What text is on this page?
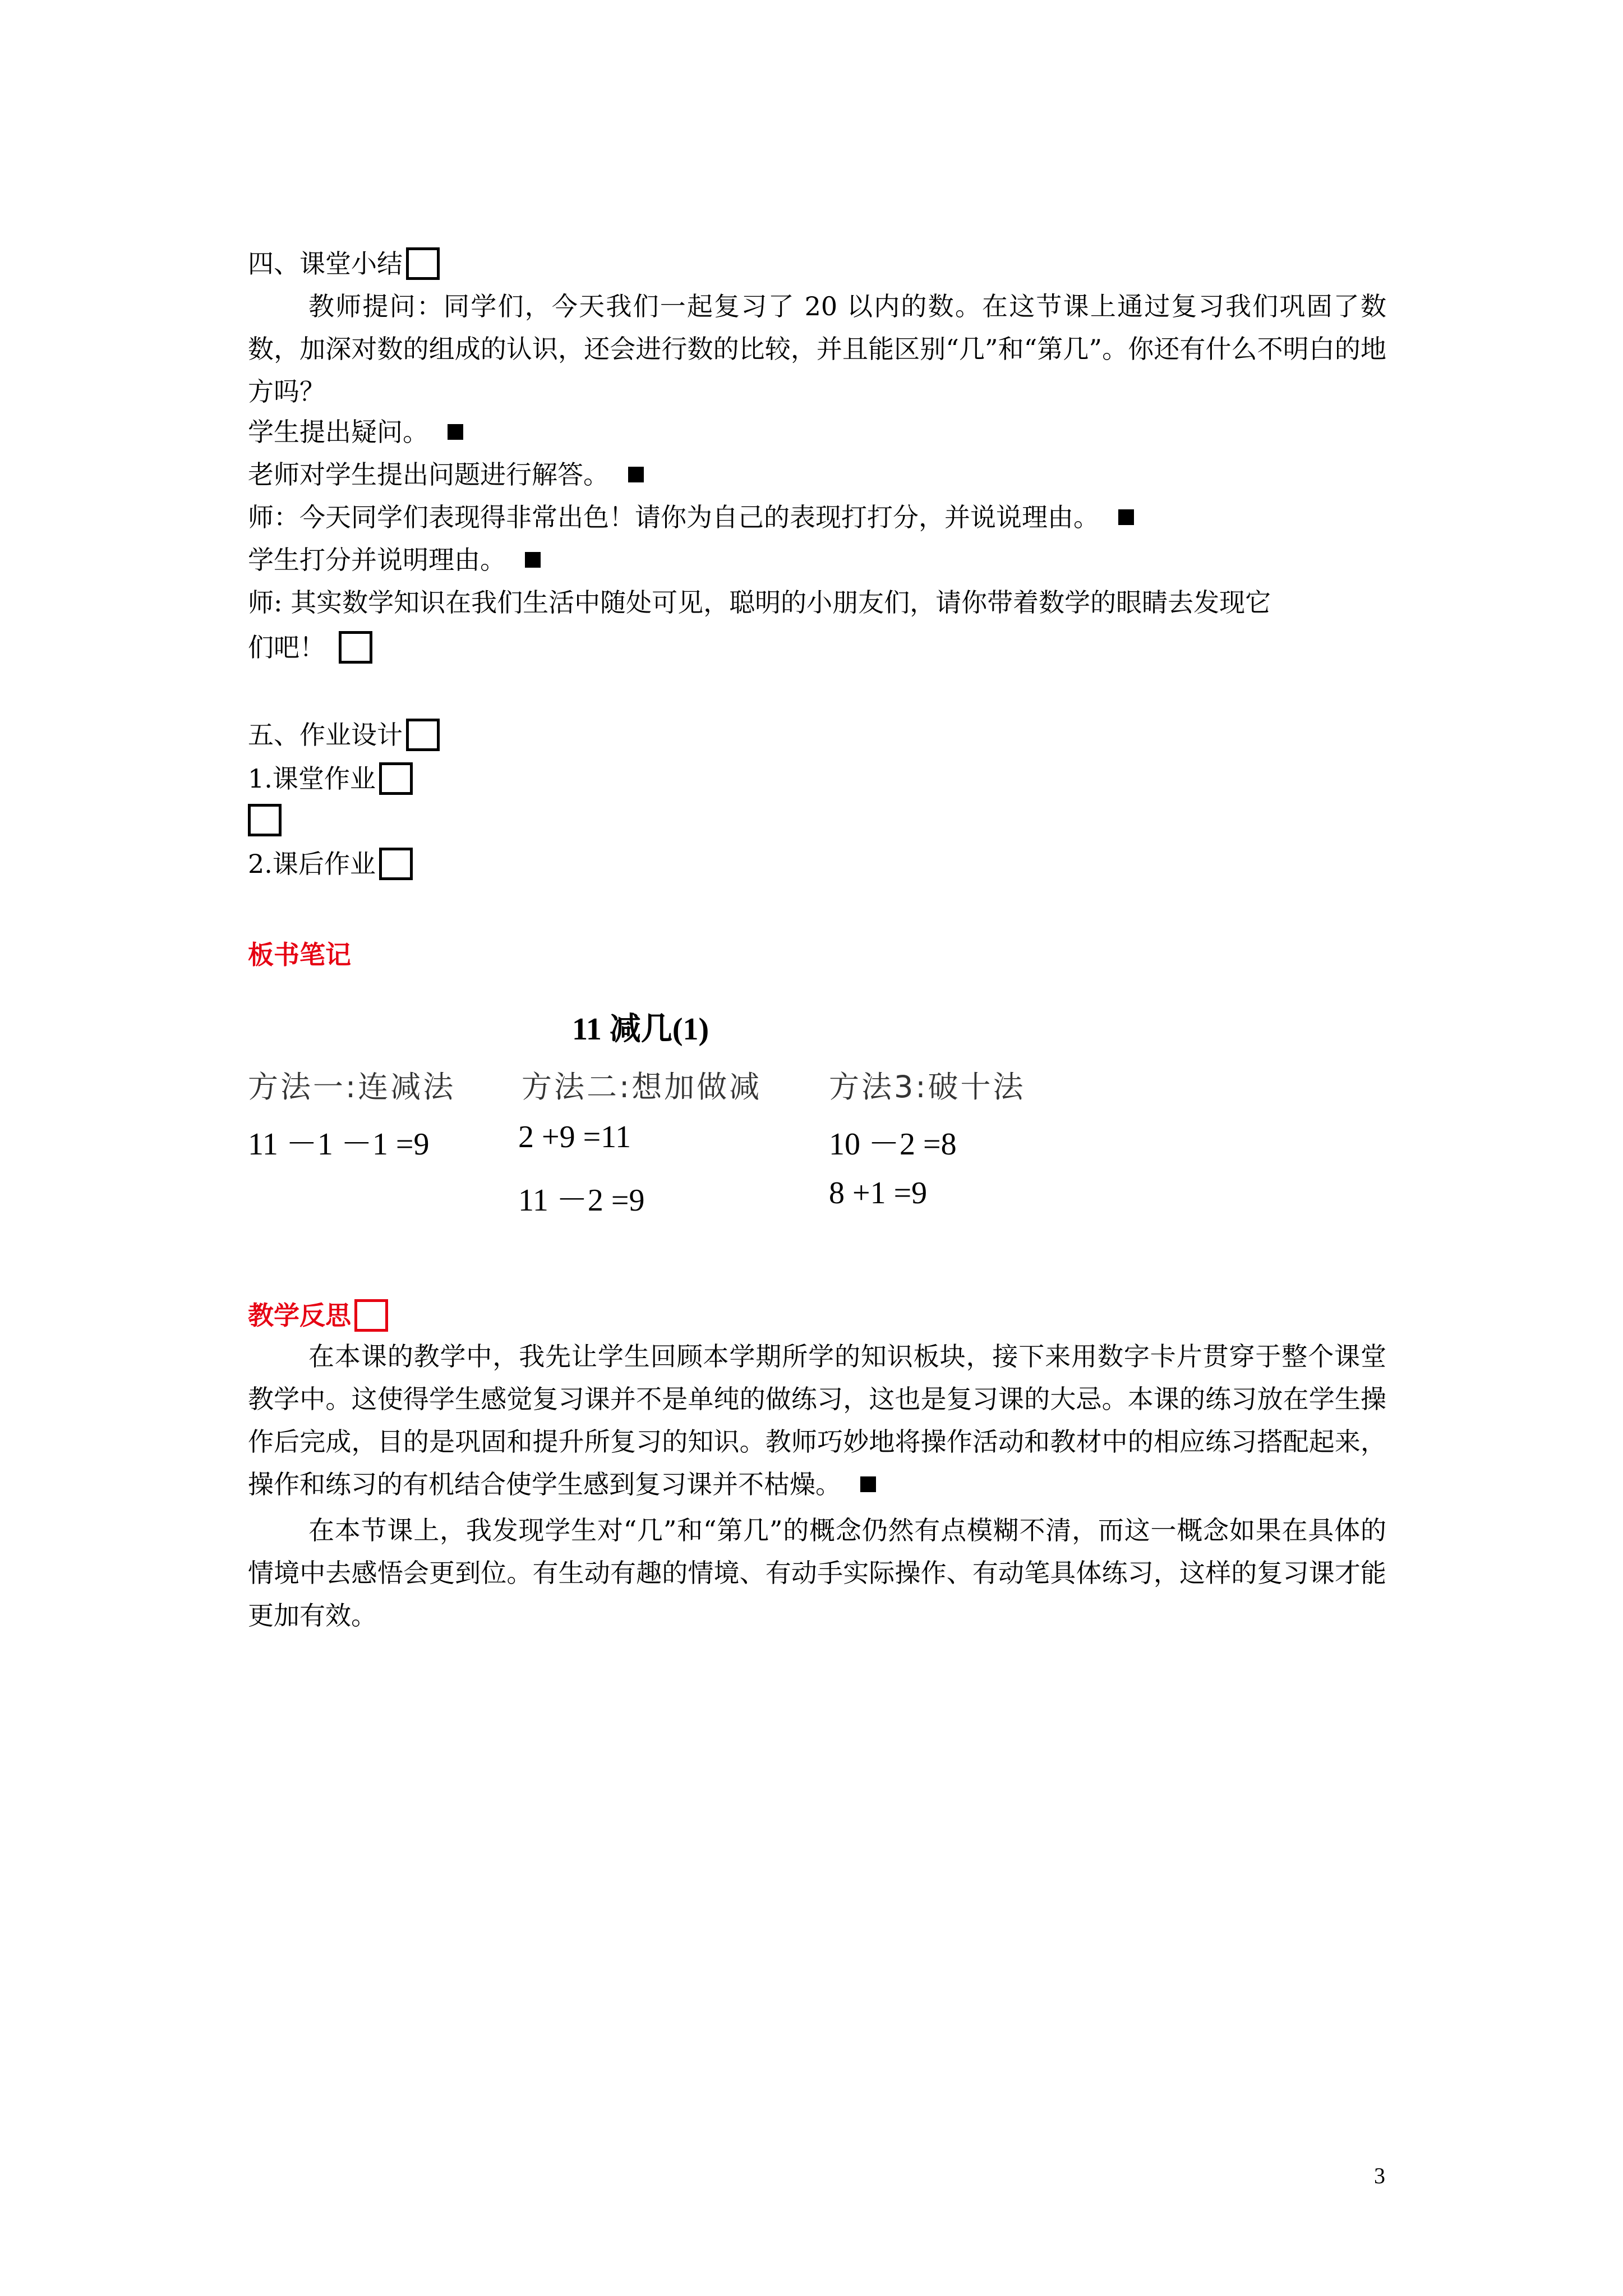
四、课堂小结
教师提问：同学们，今天我们一起复习了 20 以内的数。在这节课上通过复习我们巩固了数数，加深对数的组成的认识，还会进行数的比较，并且能区别“几”和“第几”。你还有什么不明白的地方吗？
学生提出疑问。
老师对学生提出问题进行解答。
师：今天同学们表现得非常出色！请你为自己的表现打打分，并说说理由。
学生打分并说明理由。
师: 其实数学知识在我们生活中随处可见，聪明的小朋友们，请你带着数学的眼睛去发现它
们吧！
五、作业设计
1.课堂作业
2.课后作业
板书笔记
11 减几(1)
方法一:连减法 方法二:想加做减 方法3:破十法
11 －1 －1 =9	2 +9 =11
11 －2 =9
10 －2 =8
8 +1 =9
教学反思
在本课的教学中，我先让学生回顾本学期所学的知识板块，接下来用数字卡片贯穿于整个课堂教学中。这使得学生感觉复习课并不是单纯的做练习，这也是复习课的大忌。本课的练习放在学生操作后完成，目的是巩固和提升所复习的知识。教师巧妙地将操作活动和教材中的相应练习搭配起来，操作和练习的有机结合使学生感到复习课并不枯燥。
在本节课上，我发现学生对“几”和“第几”的概念仍然有点模糊不清，而这一概念如果在具体的情境中去感悟会更到位。有生动有趣的情境、有动手实际操作、有动笔具体练习，这样的复习课才能更加有效。
3
